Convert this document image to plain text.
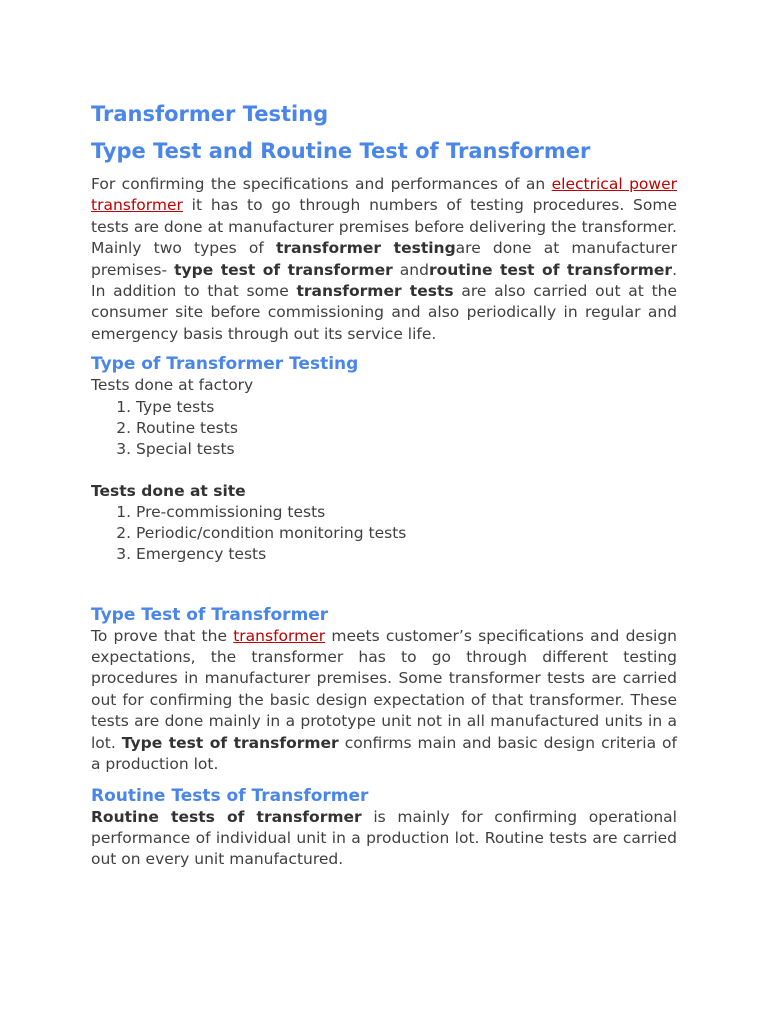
Transformer Testing
Type Test and Routine Test of Transformer

For confirming the specifications and performances of an electrical power transformer it has to go through numbers of testing procedures. Some tests are done at manufacturer premises before delivering the transformer. Mainly two types of transformer testingare done at manufacturer premises- type test of transformer androutine test of transformer. In addition to that some transformer tests are also carried out at the consumer site before commissioning and also periodically in regular and emergency basis through out its service life.

Type of Transformer Testing
Tests done at factory
1. Type tests
2. Routine tests
3. Special tests
Tests done at site
1. Pre-commissioning tests
2. Periodic/condition monitoring tests
3. Emergency tests
Type Test of Transformer

To prove that the transformer meets customer’s specifications and design expectations, the transformer has to go through different testing procedures in manufacturer premises. Some transformer tests are carried out for confirming the basic design expectation of that transformer. These tests are done mainly in a prototype unit not in all manufactured units in a lot. Type test of transformer confirms main and basic design criteria of a production lot.

Routine Tests of Transformer

Routine tests of transformer is mainly for confirming operational performance of individual unit in a production lot. Routine tests are carried out on every unit manufactured.
